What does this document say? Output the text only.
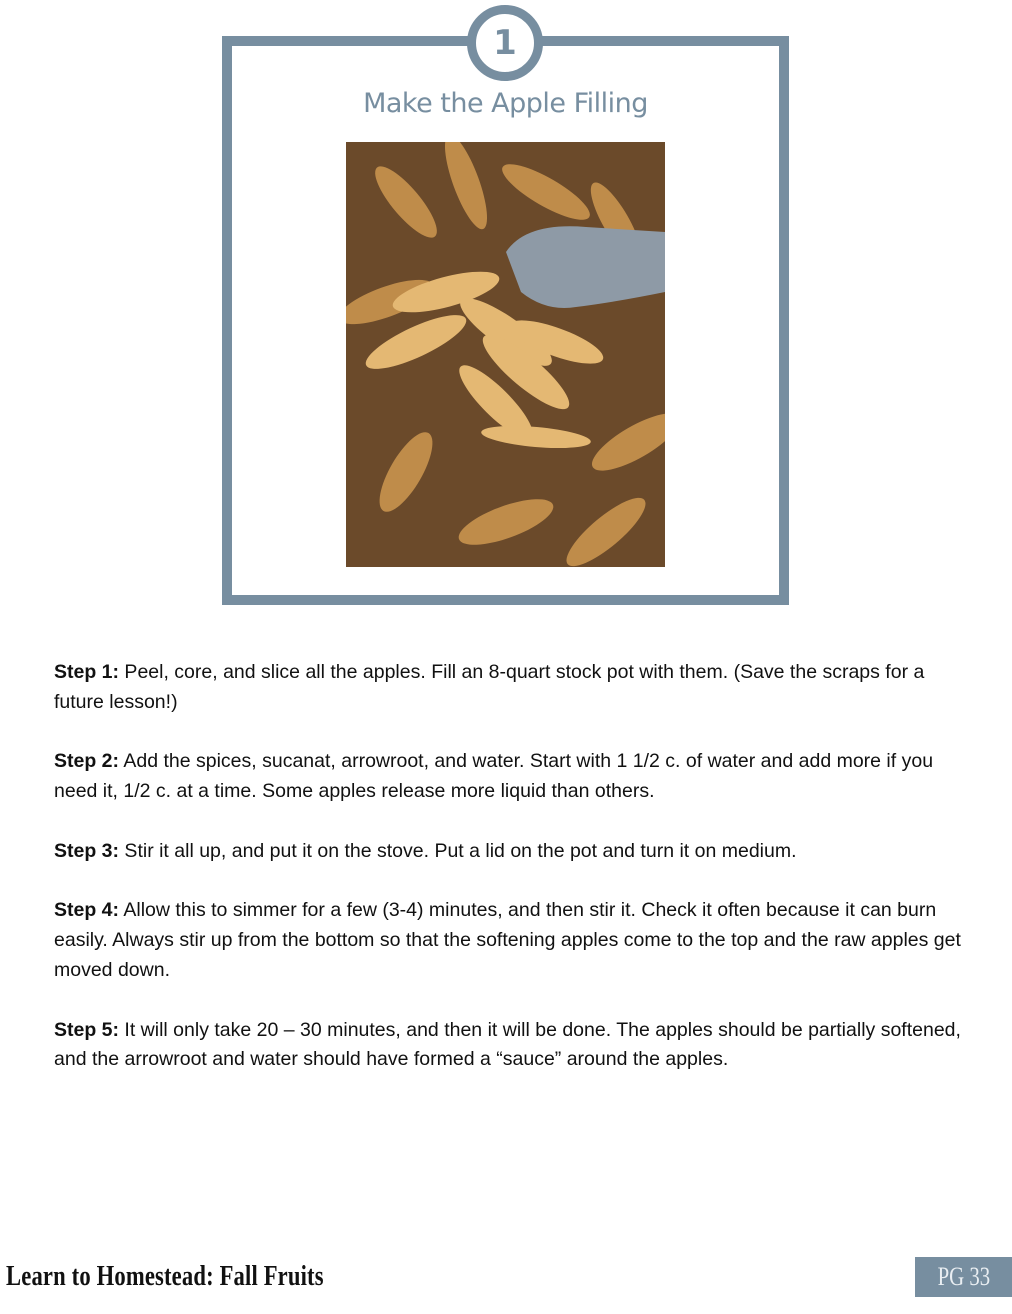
1
Make the Apple Filling

Step 1: Peel, core, and slice all the apples. Fill an 8-quart stock pot with them. (Save the scraps for a future lesson!)

Step 2: Add the spices, sucanat, arrowroot, and water. Start with 1 1/2 c. of water and add more if you need it, 1/2 c. at a time. Some apples release more liquid than others.

Step 3: Stir it all up, and put it on the stove. Put a lid on the pot and turn it on medium.

Step 4: Allow this to simmer for a few (3-4) minutes, and then stir it. Check it often because it can burn easily. Always stir up from the bottom so that the softening apples come to the top and the raw apples get moved down.

Step 5: It will only take 20 – 30 minutes, and then it will be done. The apples should be partially softened, and the arrowroot and water should have formed a “sauce” around the apples.

Learn to Homestead: Fall Fruits	PG 33
